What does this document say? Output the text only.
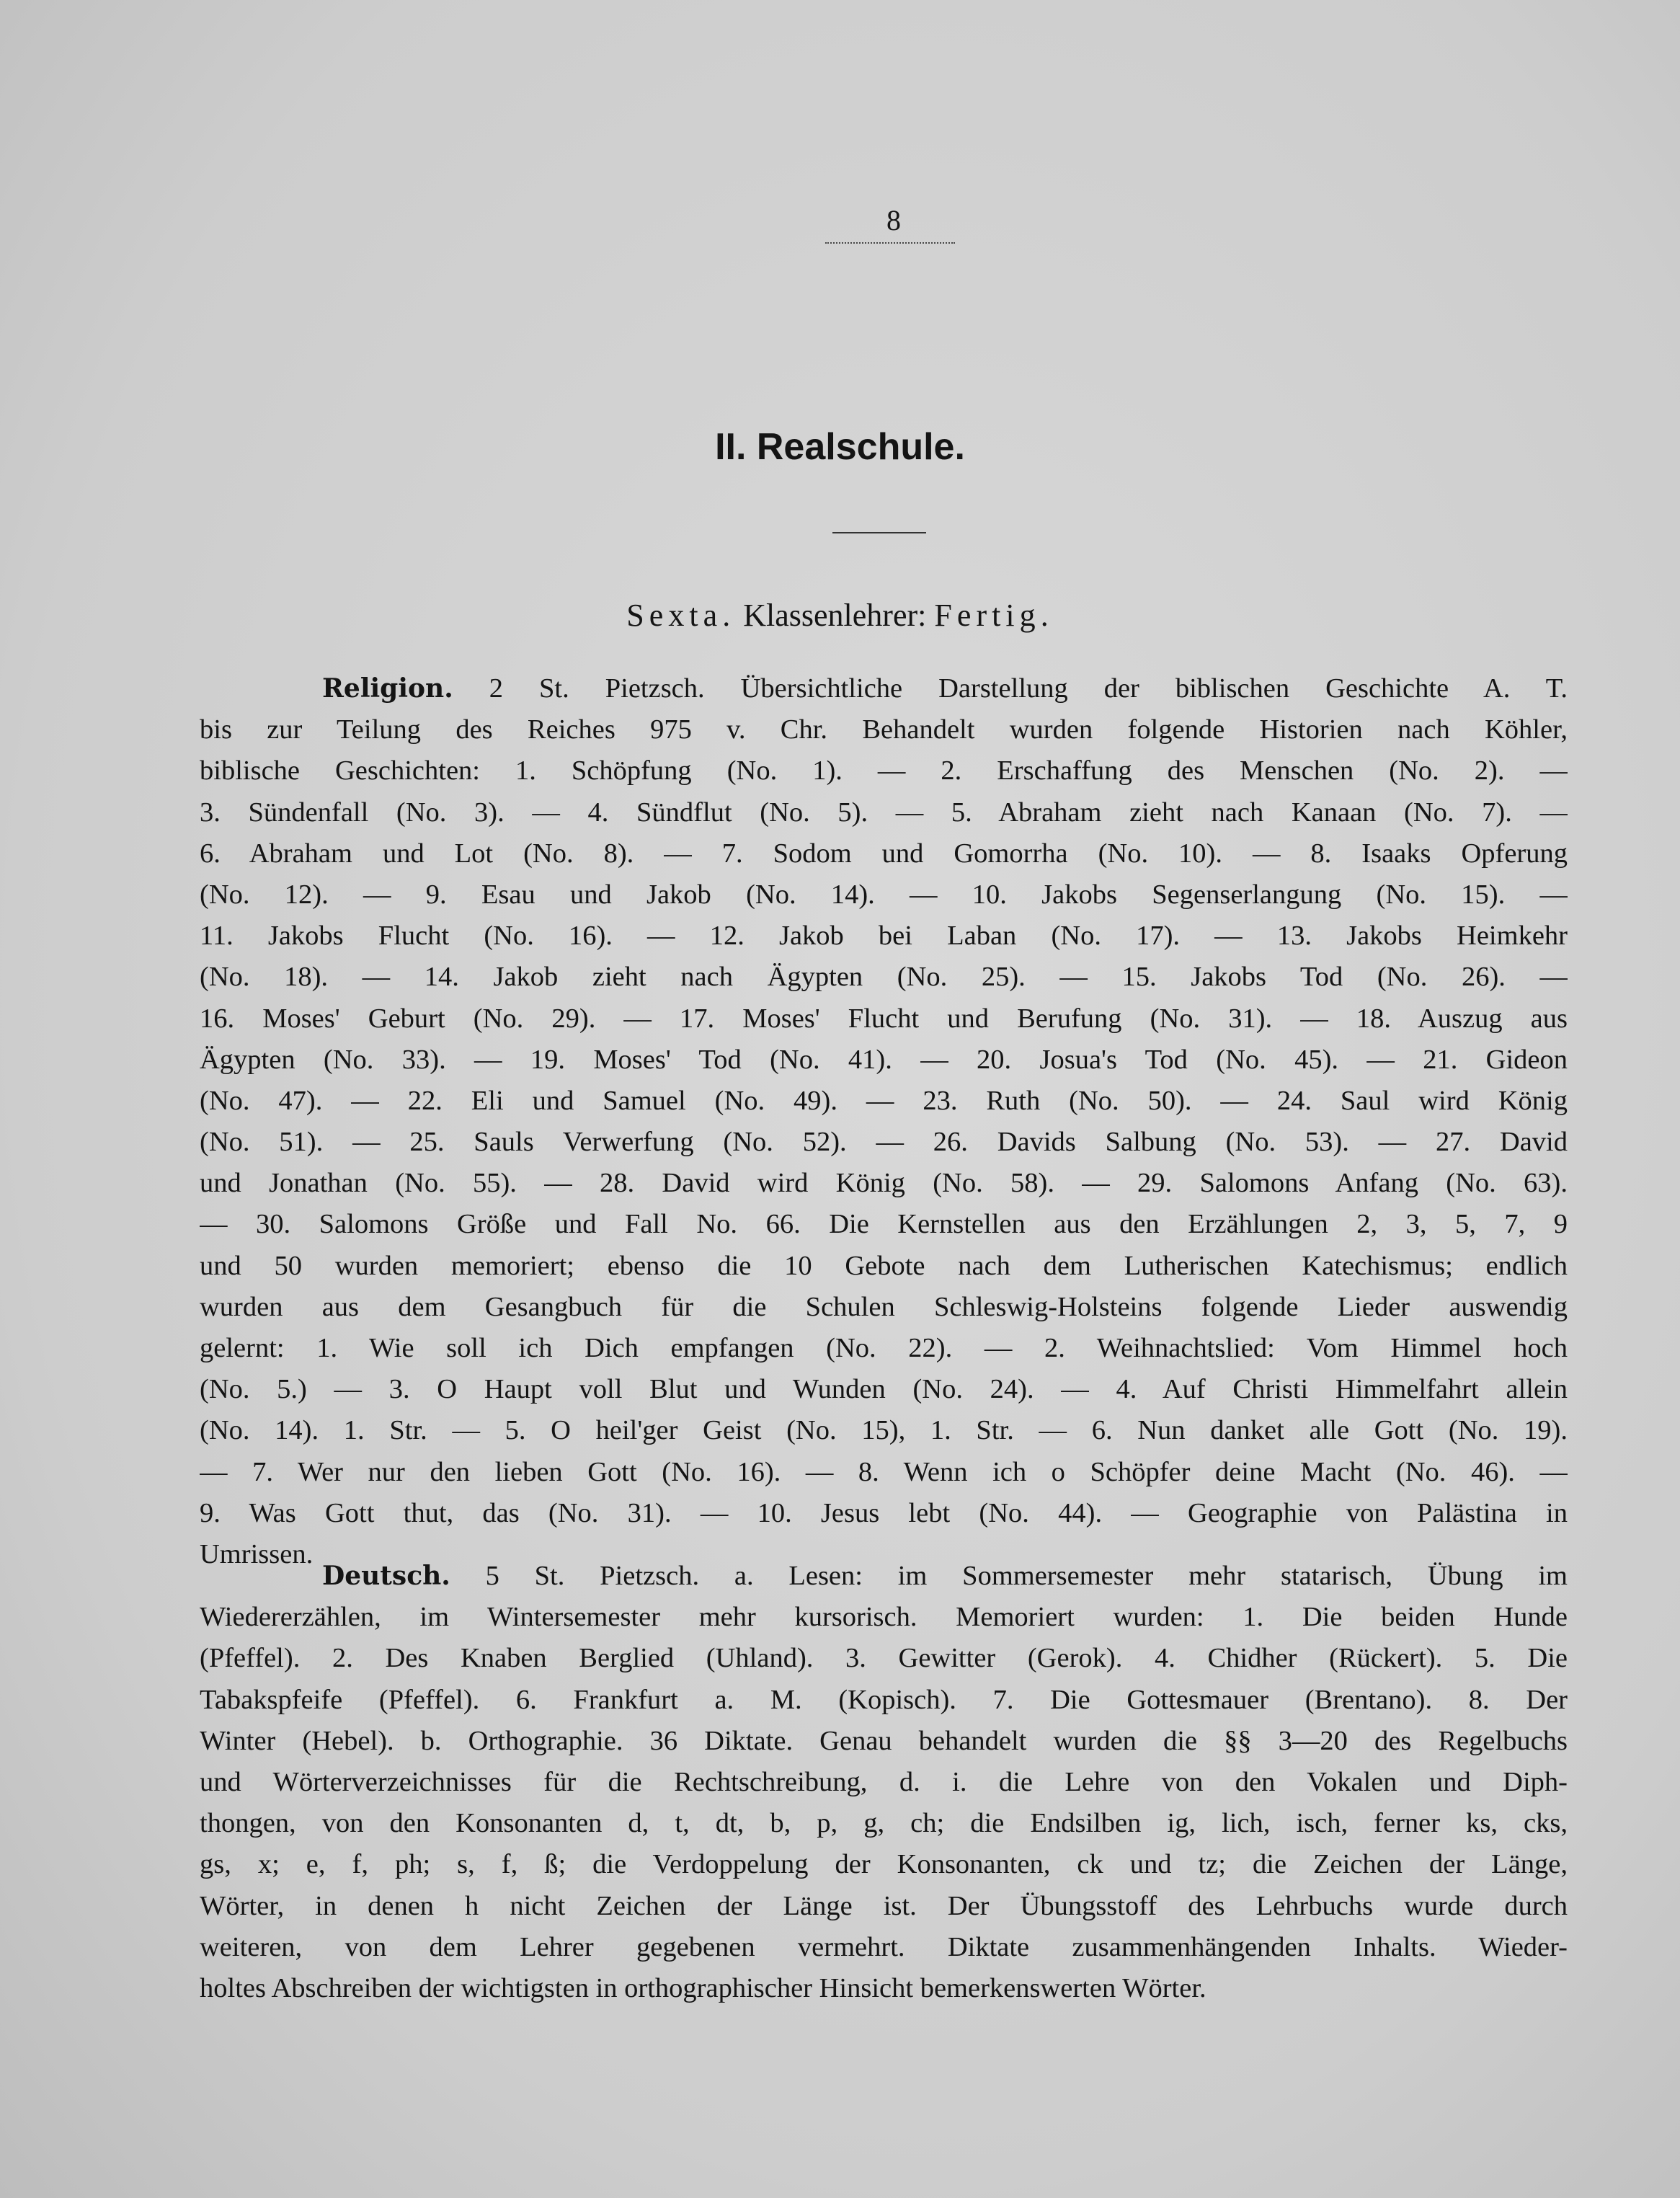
8
II. Realschule.
Sexta. Klassenlehrer: Fertig.
Religion. 2 St. Pietzsch. Übersichtliche Darstellung der biblischen Geschichte A. T.
bis zur Teilung des Reiches 975 v. Chr. Behandelt wurden folgende Historien nach Köhler,
biblische Geschichten: 1. Schöpfung (No. 1). — 2. Erschaffung des Menschen (No. 2). —
3. Sündenfall (No. 3). — 4. Sündflut (No. 5). — 5. Abraham zieht nach Kanaan (No. 7). —
6. Abraham und Lot (No. 8). — 7. Sodom und Gomorrha (No. 10). — 8. Isaaks Opferung
(No. 12). — 9. Esau und Jakob (No. 14). — 10. Jakobs Segenserlangung (No. 15). —
11. Jakobs Flucht (No. 16). — 12. Jakob bei Laban (No. 17). — 13. Jakobs Heimkehr
(No. 18). — 14. Jakob zieht nach Ägypten (No. 25). — 15. Jakobs Tod (No. 26). —
16. Moses' Geburt (No. 29). — 17. Moses' Flucht und Berufung (No. 31). — 18. Auszug aus
Ägypten (No. 33). — 19. Moses' Tod (No. 41). — 20. Josua's Tod (No. 45). — 21. Gideon
(No. 47). — 22. Eli und Samuel (No. 49). — 23. Ruth (No. 50). — 24. Saul wird König
(No. 51). — 25. Sauls Verwerfung (No. 52). — 26. Davids Salbung (No. 53). — 27. David
und Jonathan (No. 55). — 28. David wird König (No. 58). — 29. Salomons Anfang (No. 63).
— 30. Salomons Größe und Fall No. 66. Die Kernstellen aus den Erzählungen 2, 3, 5, 7, 9
und 50 wurden memoriert; ebenso die 10 Gebote nach dem Lutherischen Katechismus; endlich
wurden aus dem Gesangbuch für die Schulen Schleswig-Holsteins folgende Lieder auswendig
gelernt: 1. Wie soll ich Dich empfangen (No. 22). — 2. Weihnachtslied: Vom Himmel hoch
(No. 5.) — 3. O Haupt voll Blut und Wunden (No. 24). — 4. Auf Christi Himmelfahrt allein
(No. 14). 1. Str. — 5. O heil'ger Geist (No. 15), 1. Str. — 6. Nun danket alle Gott (No. 19).
— 7. Wer nur den lieben Gott (No. 16). — 8. Wenn ich o Schöpfer deine Macht (No. 46). —
9. Was Gott thut, das (No. 31). — 10. Jesus lebt (No. 44). — Geographie von Palästina in
Umrissen.
Deutsch. 5 St. Pietzsch. a. Lesen: im Sommersemester mehr statarisch, Übung im
Wiedererzählen, im Wintersemester mehr kursorisch. Memoriert wurden: 1. Die beiden Hunde
(Pfeffel). 2. Des Knaben Berglied (Uhland). 3. Gewitter (Gerok). 4. Chidher (Rückert). 5. Die
Tabakspfeife (Pfeffel). 6. Frankfurt a. M. (Kopisch). 7. Die Gottesmauer (Brentano). 8. Der
Winter (Hebel). b. Orthographie. 36 Diktate. Genau behandelt wurden die §§ 3—20 des Regelbuchs
und Wörterverzeichnisses für die Rechtschreibung, d. i. die Lehre von den Vokalen und Diph-
thongen, von den Konsonanten d, t, dt, b, p, g, ch; die Endsilben ig, lich, isch, ferner ks, cks,
gs, x; e, f, ph; s, f, ß; die Verdoppelung der Konsonanten, ck und tz; die Zeichen der Länge,
Wörter, in denen h nicht Zeichen der Länge ist. Der Übungsstoff des Lehrbuchs wurde durch
weiteren, von dem Lehrer gegebenen vermehrt. Diktate zusammenhängenden Inhalts. Wieder-
holtes Abschreiben der wichtigsten in orthographischer Hinsicht bemerkenswerten Wörter.
